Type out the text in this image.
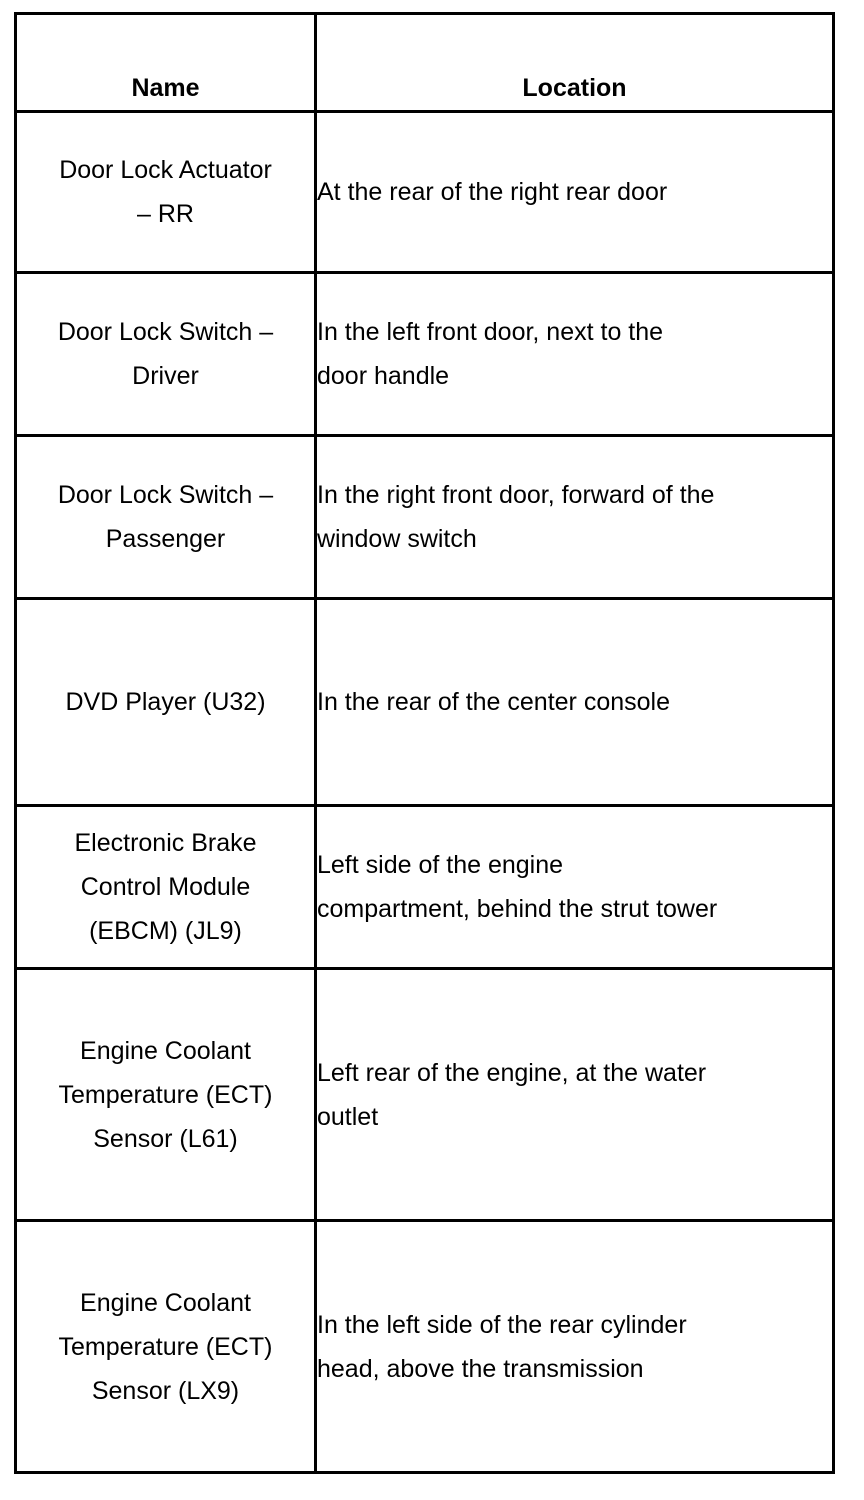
Name	Location

Door Lock Actuator
– RR	At the rear of the right rear door

Door Lock Switch –
Driver	In the left front door, next to the
door handle

Door Lock Switch –
Passenger	In the right front door, forward of the
window switch

DVD Player (U32)	In the rear of the center console

Electronic Brake
Control Module
(EBCM) (JL9)	Left side of the engine
compartment, behind the strut tower

Engine Coolant
Temperature (ECT)
Sensor (L61)	Left rear of the engine, at the water
outlet

Engine Coolant
Temperature (ECT)
Sensor (LX9)	In the left side of the rear cylinder
head, above the transmission
